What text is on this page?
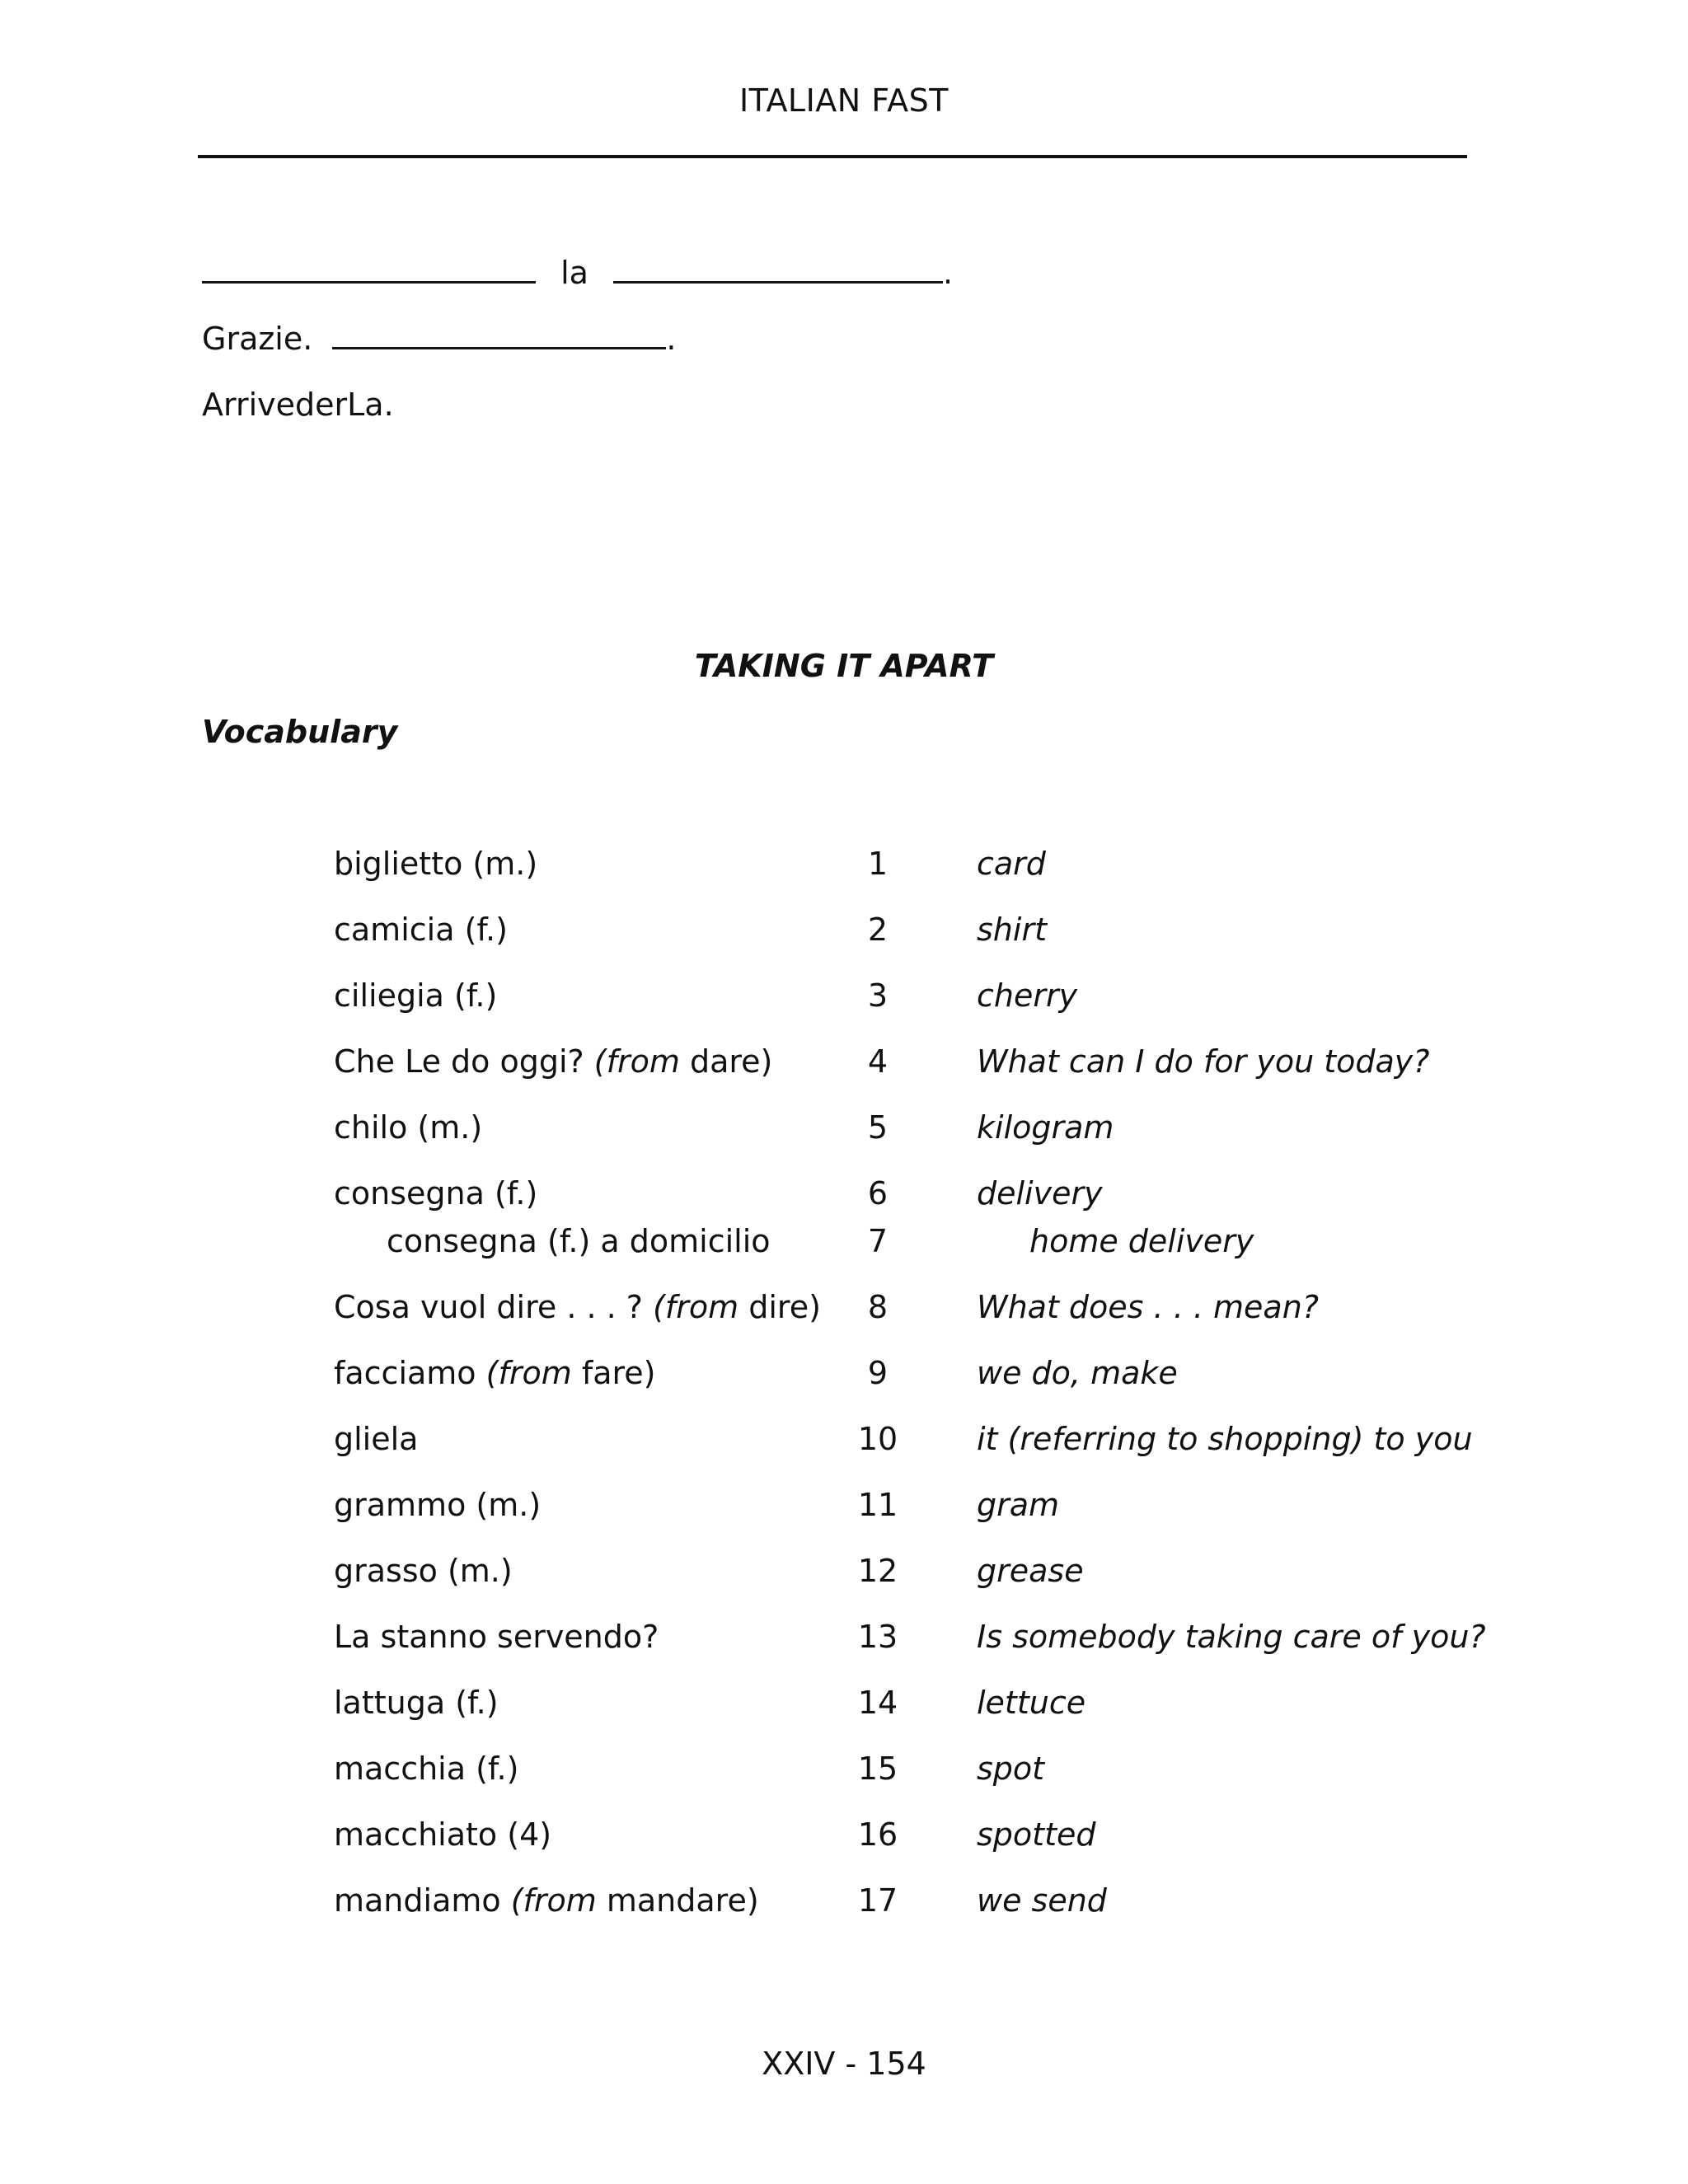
ITALIAN FAST
la	.
Grazie.	.
ArrivederLa.
TAKING IT APART
Vocabulary
biglietto (m.)	1	card
camicia (f.)	2	shirt
ciliegia (f.)	3	cherry
Che Le do oggi? (from dare)	4	What can I do for you today?
chilo (m.)	5	kilogram
consegna (f.)	6	delivery
consegna (f.) a domicilio	7	home delivery
Cosa vuol dire . . . ? (from dire)	8	What does . . . mean?
facciamo (from fare)	9	we do, make
gliela	10	it (referring to shopping) to you
grammo (m.)	11	gram
grasso (m.)	12	grease
La stanno servendo?	13	Is somebody taking care of you?
lattuga (f.)	14	lettuce
macchia (f.)	15	spot
macchiato (4)	16	spotted
mandiamo (from mandare)	17	we send
XXIV - 154
